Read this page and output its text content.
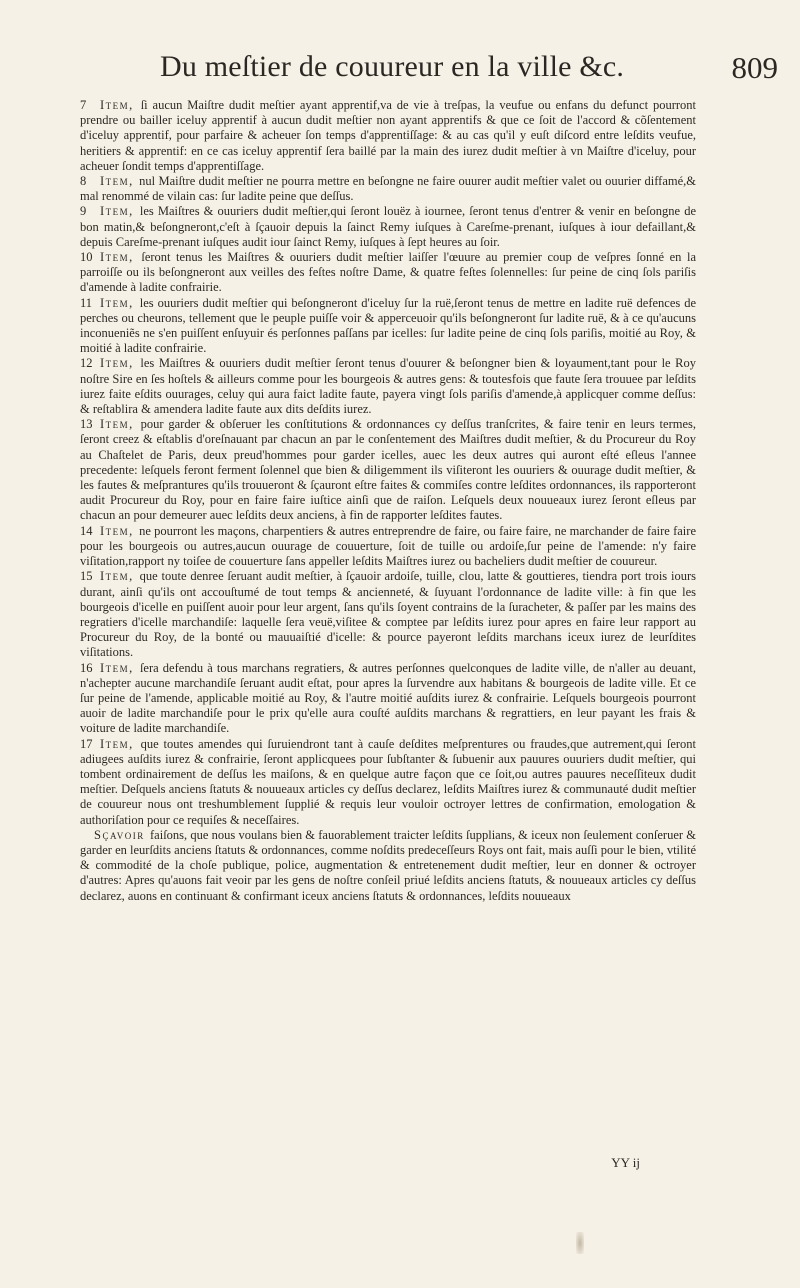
Du meſtier de couureur en la ville &c.	809

7 Item, ſi aucun Maiſtre dudit meſtier ayant apprentif,va de vie à treſpas, la veufue ou enfans du defunct pourront prendre ou bailler iceluy apprentif à aucun dudit meſtier non ayant apprentifs & que ce ſoit de l'accord & cõſentement d'iceluy apprentif, pour parfaire & acheuer ſon temps d'apprentiſſage: & au cas qu'il y euſt diſcord entre leſdits veufue, heritiers & apprentif: en ce cas iceluy apprentif ſera baillé par la main des iurez dudit meſtier à vn Maiſtre d'iceluy, pour acheuer ſondit temps d'apprentiſſage.

8 Item, nul Maiſtre dudit meſtier ne pourra mettre en beſongne ne faire ouurer audit meſtier valet ou ouurier diffamé,& mal renommé de vilain cas: ſur ladite peine que deſſus.

9 Item, les Maiſtres & ouuriers dudit meſtier,qui ſeront louëz à iournee, ſeront tenus d'entrer & venir en beſongne de bon matin,& beſongneront,c'eſt à ſçauoir depuis la ſainct Remy iuſques à Careſme-prenant, iuſques à iour defaillant,& depuis Careſme-prenant iuſques audit iour ſainct Remy, iuſques à ſept heures au ſoir.

10 Item, ſeront tenus les Maiſtres & ouuriers dudit meſtier laiſſer l'œuure au premier coup de veſpres ſonné en la parroiſſe ou ils beſongneront aux veilles des feſtes noſtre Dame, & quatre feſtes ſolennelles: ſur peine de cinq ſols pariſis d'amende à ladite confrairie.

11 Item, les ouuriers dudit meſtier qui beſongneront d'iceluy ſur la ruë,ſeront tenus de mettre en ladite ruë defences de perches ou cheurons, tellement que le peuple puiſſe voir & apperceuoir qu'ils beſongneront ſur ladite ruë, & à ce qu'aucuns inconueniẽs ne s'en puiſſent enſuyuir és perſonnes paſſans par icelles: ſur ladite peine de cinq ſols pariſis, moitié au Roy, & moitié à ladite confrairie.

12 Item, les Maiſtres & ouuriers dudit meſtier ſeront tenus d'ouurer & beſongner bien & loyaument,tant pour le Roy noſtre Sire en ſes hoſtels & ailleurs comme pour les bourgeois & autres gens: & toutesfois que faute ſera trouuee par leſdits iurez faite eſdits ouurages, celuy qui aura faict ladite faute, payera vingt ſols pariſis d'amende,à applicquer comme deſſus: & reſtablira & amendera ladite faute aux dits deſdits iurez.

13 Item, pour garder & obſeruer les conſtitutions & ordonnances cy deſſus tranſcrites, & faire tenir en leurs termes, ſeront creez & eſtablis d'oreſnauant par chacun an par le conſentement des Maiſtres dudit meſtier, & du Procureur du Roy au Chaſtelet de Paris, deux preud'hommes pour garder icelles, auec les deux autres qui auront eſté eſleus l'annee precedente: leſquels feront ferment ſolennel que bien & diligemment ils viſiteront les ouuriers & ouurage dudit meſtier, & les fautes & meſprantures qu'ils trouueront & ſçauront eſtre faites & commiſes contre leſdites ordonnances, ils rapporteront audit Procureur du Roy, pour en faire faire iuſtice ainſi que de raiſon. Leſquels deux nouueaux iurez ſeront eſleus par chacun an pour demeurer auec leſdits deux anciens, à fin de rapporter leſdites fautes.

14 Item, ne pourront les maçons, charpentiers & autres entreprendre de faire, ou faire faire, ne marchander de faire faire pour les bourgeois ou autres,aucun ouurage de couuerture, ſoit de tuille ou ardoiſe,ſur peine de l'amende: n'y faire viſitation,rapport ny toiſee de couuerture ſans appeller leſdits Maiſtres iurez ou bacheliers dudit meſtier de couureur.

15 Item, que toute denree ſeruant audit meſtier, à ſçauoir ardoiſe, tuille, clou, latte & gouttieres, tiendra port trois iours durant, ainſi qu'ils ont accouſtumé de tout temps & ancienneté, & ſuyuant l'ordonnance de ladite ville: à fin que les bourgeois d'icelle en puiſſent auoir pour leur argent, ſans qu'ils ſoyent contrains de la ſuracheter, & paſſer par les mains des regratiers d'icelle marchandiſe: laquelle ſera veuë,viſitee & comptee par leſdits iurez pour apres en faire leur rapport au Procureur du Roy, de la bonté ou mauuaiſtié d'icelle: & pource payeront leſdits marchans iceux iurez de leurſdites viſitations.

16 Item, ſera defendu à tous marchans regratiers, & autres perſonnes quelconques de ladite ville, de n'aller au deuant, n'achepter aucune marchandiſe ſeruant audit eſtat, pour apres la ſurvendre aux habitans & bourgeois de ladite ville. Et ce ſur peine de l'amende, applicable moitié au Roy, & l'autre moitié auſdits iurez & confrairie. Leſquels bourgeois pourront auoir de ladite marchandiſe pour le prix qu'elle aura couſté auſdits marchans & regrattiers, en leur payant les frais & voiture de ladite marchandiſe.

17 Item, que toutes amendes qui ſuruiendront tant à cauſe deſdites meſprentures ou fraudes,que autrement,qui ſeront adiugees auſdits iurez & confrairie, ſeront applicquees pour ſubſtanter & ſubuenir aux pauures ouuriers dudit meſtier, qui tombent ordinairement de deſſus les maiſons, & en quelque autre façon que ce ſoit,ou autres pauures neceſſiteux dudit meſtier. Deſquels anciens ſtatuts & nouueaux articles cy deſſus declarez, leſdits Maiſtres iurez & communauté dudit meſtier de couureur nous ont treshumblement ſupplié & requis leur vouloir octroyer lettres de confirmation, emologation & authoriſation pour ce requiſes & neceſſaires.

Sçavoir faiſons, que nous voulans bien & fauorablement traicter leſdits ſupplians, & iceux non ſeulement conſeruer & garder en leurſdits anciens ſtatuts & ordonnances, comme noſdits predeceſſeurs Roys ont fait, mais auſſi pour le bien, vtilité & commodité de la choſe publique, police, augmentation & entretenement dudit meſtier, leur en donner & octroyer d'autres: Apres qu'auons fait veoir par les gens de noſtre conſeil priué leſdits anciens ſtatuts, & nouueaux articles cy deſſus declarez, auons en continuant & confirmant iceux anciens ſtatuts & ordonnances, leſdits nouueaux

YY ij
